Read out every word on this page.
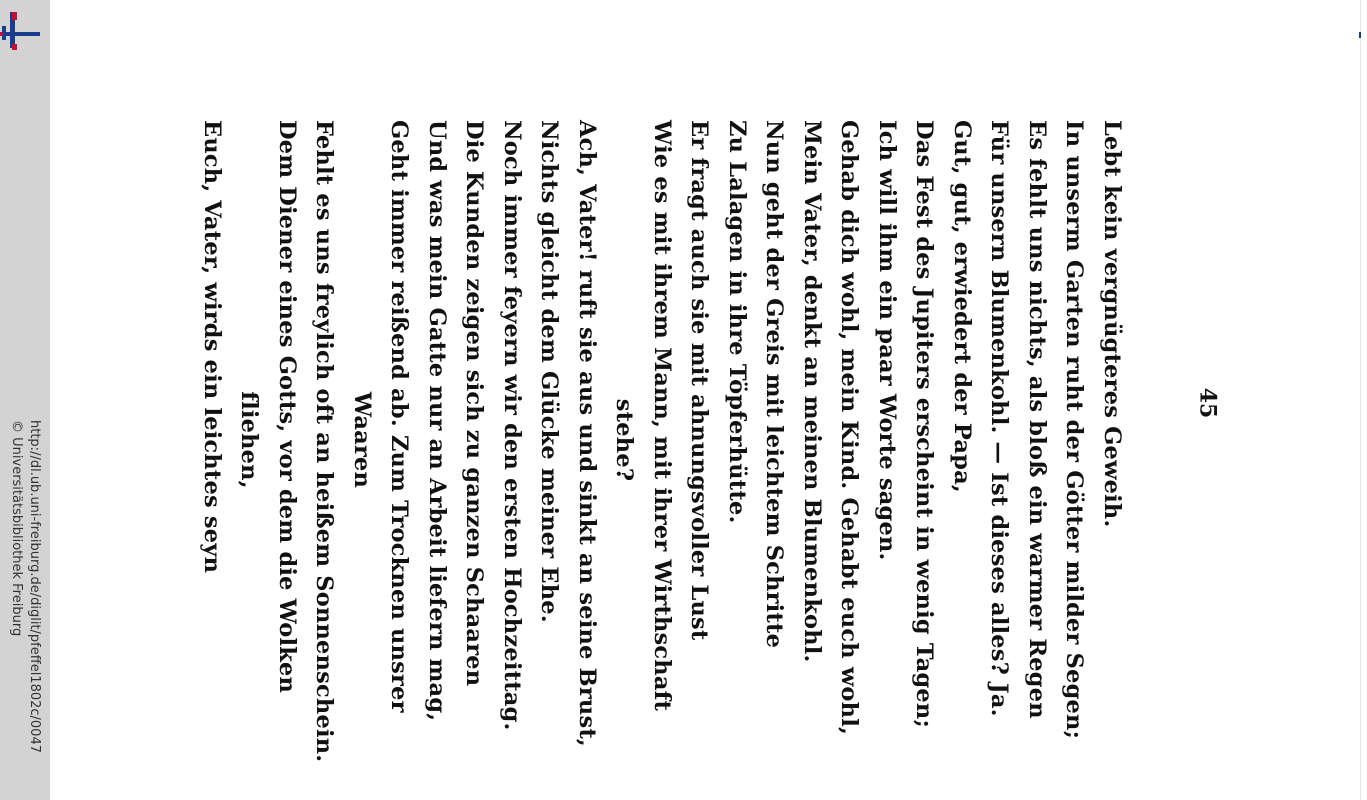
http://dl.ub.uni-freiburg.de/diglit/pfeffel1802c/0047
© Universitätsbibliothek Freiburg
45
Lebt kein vergnügteres Geweih.
In unserm Garten ruht der Götter milder Segen;
Es fehlt uns nichts, als bloß ein warmer Regen
Für unsern Blumenkohl. — Ist dieses alles? Ja.
Gut, gut, erwiedert der Papa,
Das Fest des Jupiters erscheint in wenig Tagen;
Ich will ihm ein paar Worte sagen.
Gehab dich wohl, mein Kind. Gehabt euch wohl,
Mein Vater, denkt an meinen Blumenkohl.
Nun geht der Greis mit leichtem Schritte
Zu Lalagen in ihre Töpferhütte.
Er fragt auch sie mit ahnungsvoller Lust
Wie es mit ihrem Mann, mit ihrer Wirthschaft
stehe?
Ach, Vater! ruft sie aus und sinkt an seine Brust,
Nichts gleicht dem Glücke meiner Ehe.
Noch immer feyern wir den ersten Hochzeittag.
Die Kunden zeigen sich zu ganzen Schaaren
Und was mein Gatte nur an Arbeit liefern mag,
Geht immer reißend ab. Zum Trocknen unsrer
Waaren
Fehlt es uns freylich oft an heißem Sonnenschein.
Dem Diener eines Gotts, vor dem die Wolken
fliehen,
Euch, Vater, wirds ein leichtes seyn
